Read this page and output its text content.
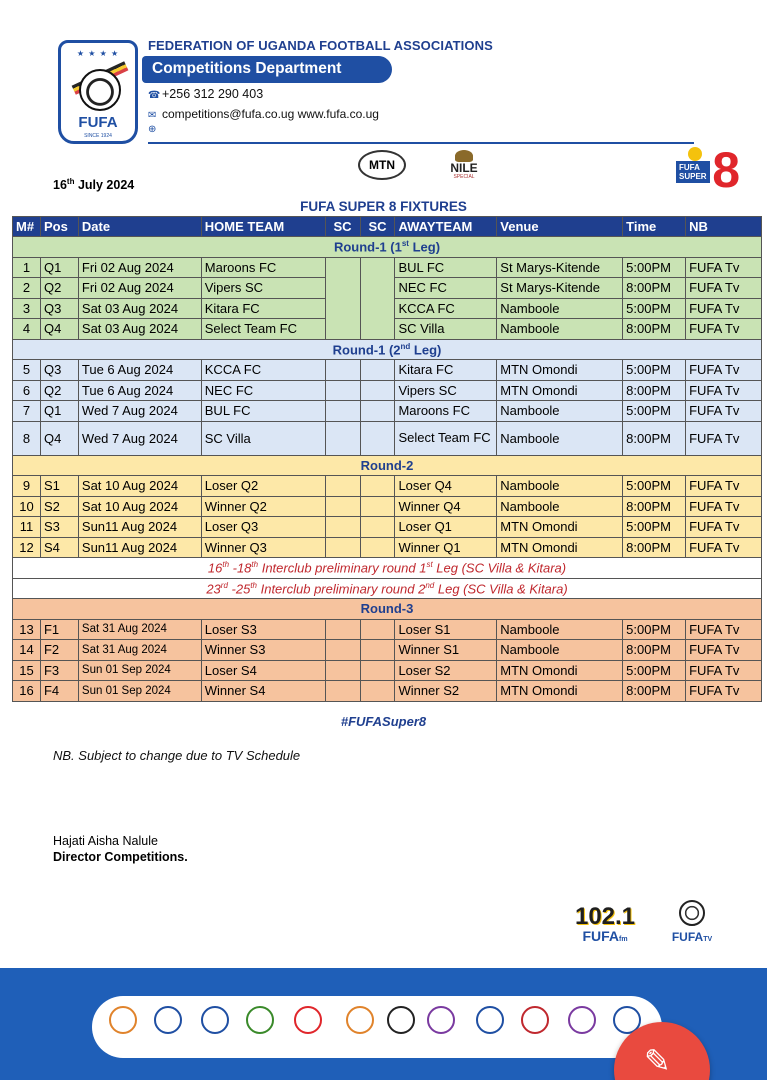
★ ★ ★ ★
FUFA
SINCE 1924
FEDERATION OF UGANDA FOOTBALL ASSOCIATIONS
Competitions Department
☎ +256 312 290 403
✉ competitions@fufa.co.ug www.fufa.co.ug
⊕
16th July 2024
MTN	NILE
SPECIAL
FUFA
SUPER 8
FUFA SUPER 8 FIXTURES
M#	Pos	Date	HOME TEAM	SC	SC	AWAYTEAM	Venue	Time	NB
Round-1 (1st Leg)									
1	Q1	Fri 02 Aug 2024	Maroons FC			BUL FC	St Marys-Kitende	5:00PM	FUFA Tv
2	Q2	Fri 02 Aug 2024	Vipers SC			NEC FC	St Marys-Kitende	8:00PM	FUFA Tv
3	Q3	Sat 03 Aug 2024	Kitara FC			KCCA FC	Namboole	5:00PM	FUFA Tv
4	Q4	Sat 03 Aug 2024	Select Team FC			SC Villa	Namboole	8:00PM	FUFA Tv
Round-1 (2nd Leg)									
5	Q3	Tue 6 Aug 2024	KCCA FC			Kitara FC	MTN Omondi	5:00PM	FUFA Tv
6	Q2	Tue 6 Aug 2024	NEC FC			Vipers SC	MTN Omondi	8:00PM	FUFA Tv
7	Q1	Wed 7 Aug 2024	BUL FC			Maroons FC	Namboole	5:00PM	FUFA Tv
8	Q4	Wed 7 Aug 2024	SC Villa			Select Team FC	Namboole	8:00PM	FUFA Tv
Round-2									
9	S1	Sat 10 Aug 2024	Loser Q2			Loser Q4	Namboole	5:00PM	FUFA Tv
10	S2	Sat 10 Aug 2024	Winner Q2			Winner Q4	Namboole	8:00PM	FUFA Tv
11	S3	Sun11 Aug 2024	Loser Q3			Loser Q1	MTN Omondi	5:00PM	FUFA Tv
12	S4	Sun11 Aug 2024	Winner Q3			Winner Q1	MTN Omondi	8:00PM	FUFA Tv
16th -18th Interclub preliminary round 1st Leg (SC Villa & Kitara)									
23rd -25th Interclub preliminary round 2nd Leg (SC Villa & Kitara)									
Round-3									
13	F1	Sat 31 Aug 2024	Loser S3			Loser S1	Namboole	5:00PM	FUFA Tv
14	F2	Sat 31 Aug 2024	Winner S3			Winner S1	Namboole	8:00PM	FUFA Tv
15	F3	Sun 01 Sep 2024	Loser S4			Loser S2	MTN Omondi	5:00PM	FUFA Tv
16	F4	Sun 01 Sep 2024	Winner S4			Winner S2	MTN Omondi	8:00PM	FUFA Tv
#FUFASuper8
NB. Subject to change due to TV Schedule
Hajati Aisha Nalule
Director Competitions.
102.1
FUFAfm	FUFATV
✎
